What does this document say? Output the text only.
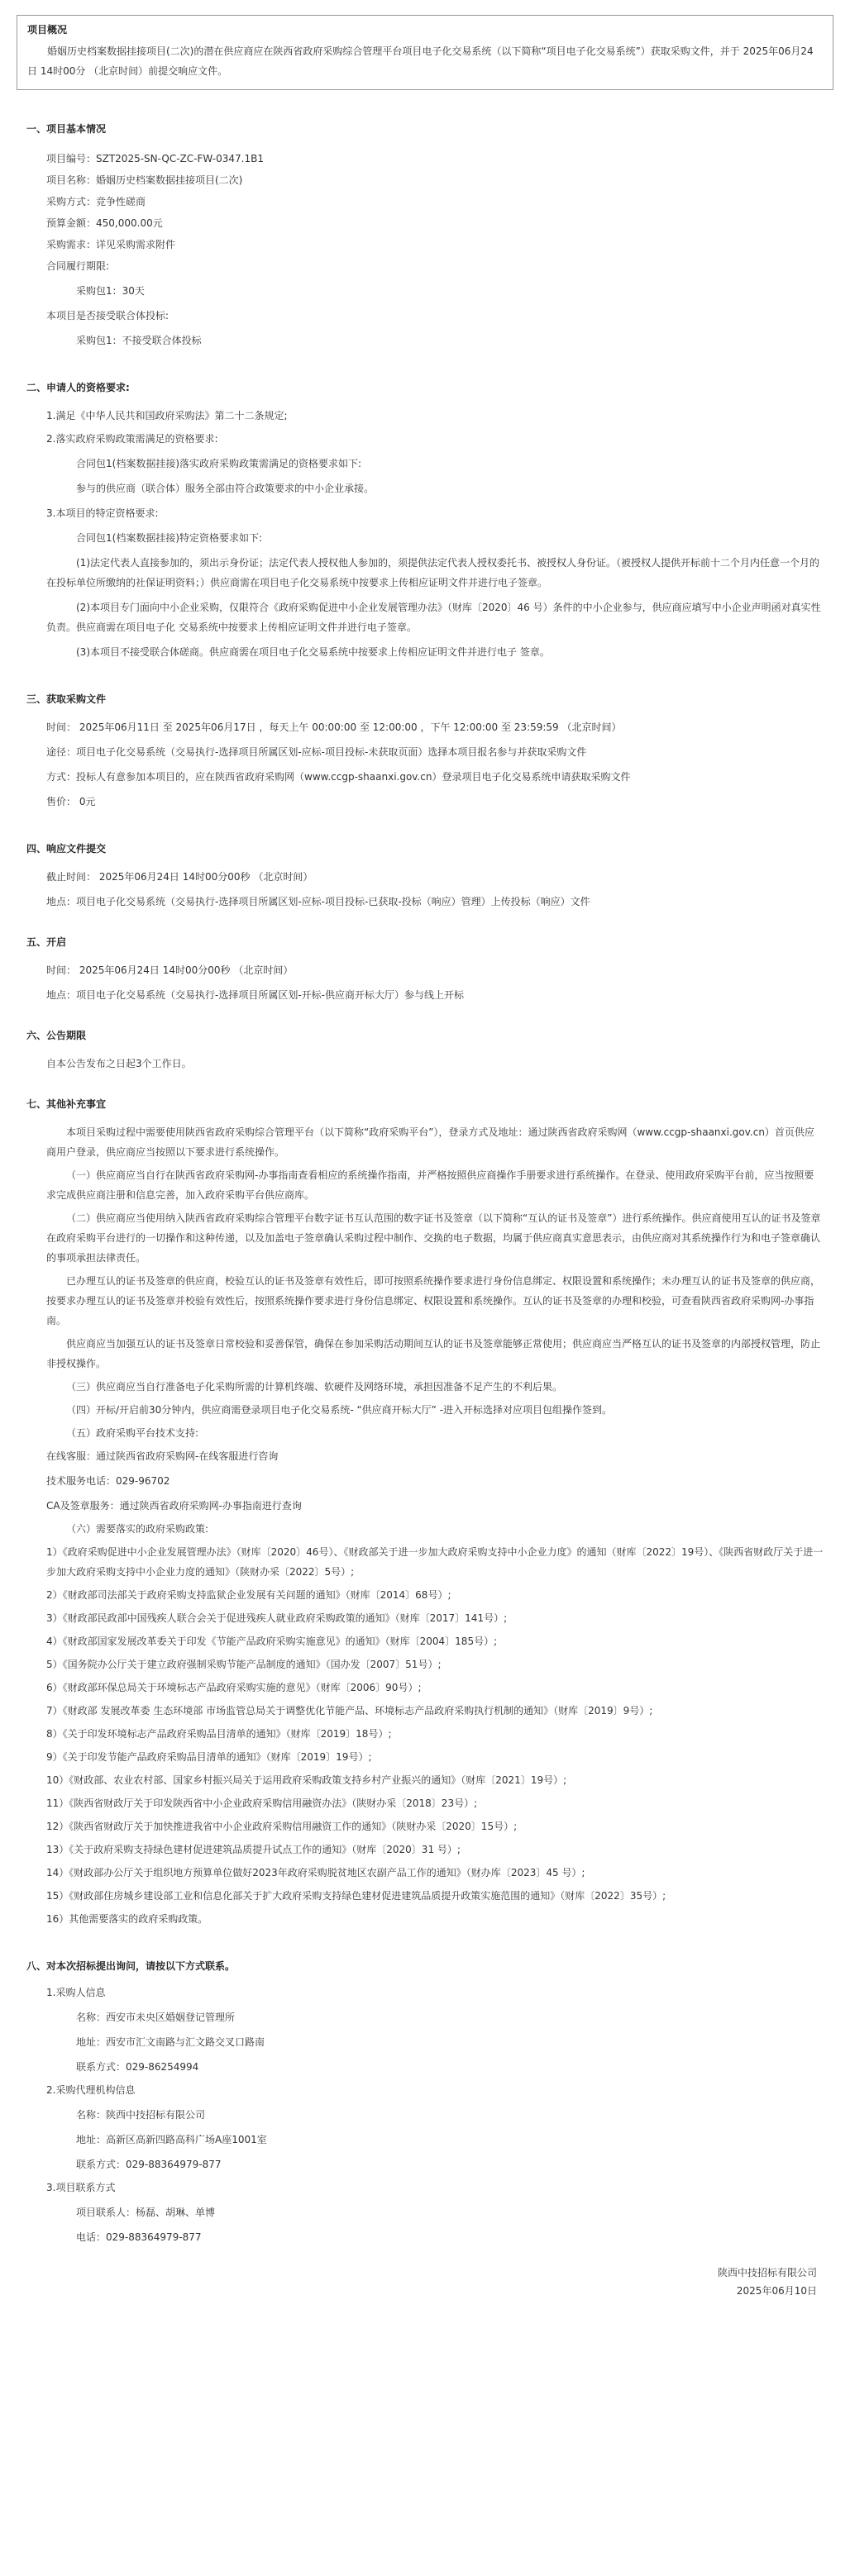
项目概况
婚姻历史档案数据挂接项目(二次)的潜在供应商应在陕西省政府采购综合管理平台项目电子化交易系统（以下简称“项目电子化交易系统”）获取采购文件，并于 2025年06月24日 14时00分 （北京时间）前提交响应文件。
一、项目基本情况
项目编号：SZT2025-SN-QC-ZC-FW-0347.1B1
项目名称：婚姻历史档案数据挂接项目(二次)
采购方式：竞争性磋商
预算金额：450,000.00元
采购需求：详见采购需求附件
合同履行期限:
采购包1：30天
本项目是否接受联合体投标:
采购包1：不接受联合体投标
二、申请人的资格要求:
1.满足《中华人民共和国政府采购法》第二十二条规定;
2.落实政府采购政策需满足的资格要求:
合同包1(档案数据挂接)落实政府采购政策需满足的资格要求如下:
参与的供应商（联合体）服务全部由符合政策要求的中小企业承接。
3.本项目的特定资格要求:
合同包1(档案数据挂接)特定资格要求如下:
(1)法定代表人直接参加的，须出示身份证；法定代表人授权他人参加的，须提供法定代表人授权委托书、被授权人身份证。（被授权人提供开标前十二个月内任意一个月的在投标单位所缴纳的社保证明资料；）供应商需在项目电子化交易系统中按要求上传相应证明文件并进行电子签章。
(2)本项目专门面向中小企业采购，仅限符合《政府采购促进中小企业发展管理办法》（财库〔2020〕46 号）条件的中小企业参与，供应商应填写中小企业声明函对真实性负责。供应商需在项目电子化 交易系统中按要求上传相应证明文件并进行电子签章。
(3)本项目不接受联合体磋商。供应商需在项目电子化交易系统中按要求上传相应证明文件并进行电子 签章。
三、获取采购文件
时间： 2025年06月11日 至 2025年06月17日 ，每天上午 00:00:00 至 12:00:00 ，下午 12:00:00 至 23:59:59 （北京时间）
途径：项目电子化交易系统（交易执行-选择项目所属区划-应标-项目投标-未获取页面）选择本项目报名参与并获取采购文件
方式：投标人有意参加本项目的，应在陕西省政府采购网（www.ccgp-shaanxi.gov.cn）登录项目电子化交易系统申请获取采购文件
售价： 0元
四、响应文件提交
截止时间： 2025年06月24日 14时00分00秒 （北京时间）
地点：项目电子化交易系统（交易执行-选择项目所属区划-应标-项目投标-已获取-投标（响应）管理）上传投标（响应）文件
五、开启
时间： 2025年06月24日 14时00分00秒 （北京时间）
地点：项目电子化交易系统（交易执行-选择项目所属区划-开标-供应商开标大厅）参与线上开标
六、公告期限
自本公告发布之日起3个工作日。
七、其他补充事宜
本项目采购过程中需要使用陕西省政府采购综合管理平台（以下简称“政府采购平台”），登录方式及地址：通过陕西省政府采购网（www.ccgp-shaanxi.gov.cn）首页供应商用户登录，供应商应当按照以下要求进行系统操作。
（一）供应商应当自行在陕西省政府采购网-办事指南查看相应的系统操作指南，并严格按照供应商操作手册要求进行系统操作。在登录、使用政府采购平台前，应当按照要求完成供应商注册和信息完善，加入政府采购平台供应商库。
（二）供应商应当使用纳入陕西省政府采购综合管理平台数字证书互认范围的数字证书及签章（以下简称“互认的证书及签章”）进行系统操作。供应商使用互认的证书及签章在政府采购平台进行的一切操作和这种传递，以及加盖电子签章确认采购过程中制作、交换的电子数据，均属于供应商真实意思表示，由供应商对其系统操作行为和电子签章确认的事项承担法律责任。
已办理互认的证书及签章的供应商，校验互认的证书及签章有效性后，即可按照系统操作要求进行身份信息绑定、权限设置和系统操作；未办理互认的证书及签章的供应商，按要求办理互认的证书及签章并校验有效性后，按照系统操作要求进行身份信息绑定、权限设置和系统操作。互认的证书及签章的办理和校验，可查看陕西省政府采购网-办事指南。
供应商应当加强互认的证书及签章日常校验和妥善保管，确保在参加采购活动期间互认的证书及签章能够正常使用；供应商应当严格互认的证书及签章的内部授权管理，防止非授权操作。
（三）供应商应当自行准备电子化采购所需的计算机终端、软硬件及网络环境，承担因准备不足产生的不利后果。
（四）开标/开启前30分钟内，供应商需登录项目电子化交易系统- “供应商开标大厅” -进入开标选择对应项目包组操作签到。
（五）政府采购平台技术支持:
在线客服：通过陕西省政府采购网-在线客服进行咨询
技术服务电话：029-96702
CA及签章服务：通过陕西省政府采购网-办事指南进行查询
（六）需要落实的政府采购政策:
1）《政府采购促进中小企业发展管理办法》（财库〔2020〕46号）、《财政部关于进一步加大政府采购支持中小企业力度》的通知（财库〔2022〕19号）、《陕西省财政厅关于进一步加大政府采购支持中小企业力度的通知》（陕财办采〔2022〕5号）;
2）《财政部司法部关于政府采购支持监狱企业发展有关问题的通知》（财库〔2014〕68号）;
3）《财政部民政部中国残疾人联合会关于促进残疾人就业政府采购政策的通知》（财库〔2017〕141号）;
4）《财政部国家发展改革委关于印发《节能产品政府采购实施意见》的通知》（财库〔2004〕185号）;
5）《国务院办公厅关于建立政府强制采购节能产品制度的通知》（国办发〔2007〕51号）;
6）《财政部环保总局关于环境标志产品政府采购实施的意见》（财库〔2006〕90号）;
7）《财政部 发展改革委 生态环境部 市场监管总局关于调整优化节能产品、环境标志产品政府采购执行机制的通知》（财库〔2019〕9号）;
8）《关于印发环境标志产品政府采购品目清单的通知》（财库〔2019〕18号）;
9）《关于印发节能产品政府采购品目清单的通知》（财库〔2019〕19号）;
10）《财政部、农业农村部、国家乡村振兴局关于运用政府采购政策支持乡村产业振兴的通知》（财库〔2021〕19号）;
11）《陕西省财政厅关于印发陕西省中小企业政府采购信用融资办法》（陕财办采〔2018〕23号）;
12）《陕西省财政厅关于加快推进我省中小企业政府采购信用融资工作的通知》（陕财办采〔2020〕15号）;
13）《关于政府采购支持绿色建材促进建筑品质提升试点工作的通知》（财库〔2020〕31 号）;
14）《财政部办公厅关于组织地方预算单位做好2023年政府采购脱贫地区农副产品工作的通知》（财办库〔2023〕45 号）;
15）《财政部住房城乡建设部工业和信息化部关于扩大政府采购支持绿色建材促进建筑品质提升政策实施范围的通知》（财库〔2022〕35号）;
16）其他需要落实的政府采购政策。
八、对本次招标提出询问，请按以下方式联系。
1.采购人信息
名称：西安市未央区婚姻登记管理所
地址：西安市汇文南路与汇文路交叉口路南
联系方式：029-86254994
2.采购代理机构信息
名称：陕西中技招标有限公司
地址：高新区高新四路高科广场A座1001室
联系方式：029-88364979-877
3.项目联系方式
项目联系人：杨磊、胡琳、单博
电话：029-88364979-877
陕西中技招标有限公司
2025年06月10日
